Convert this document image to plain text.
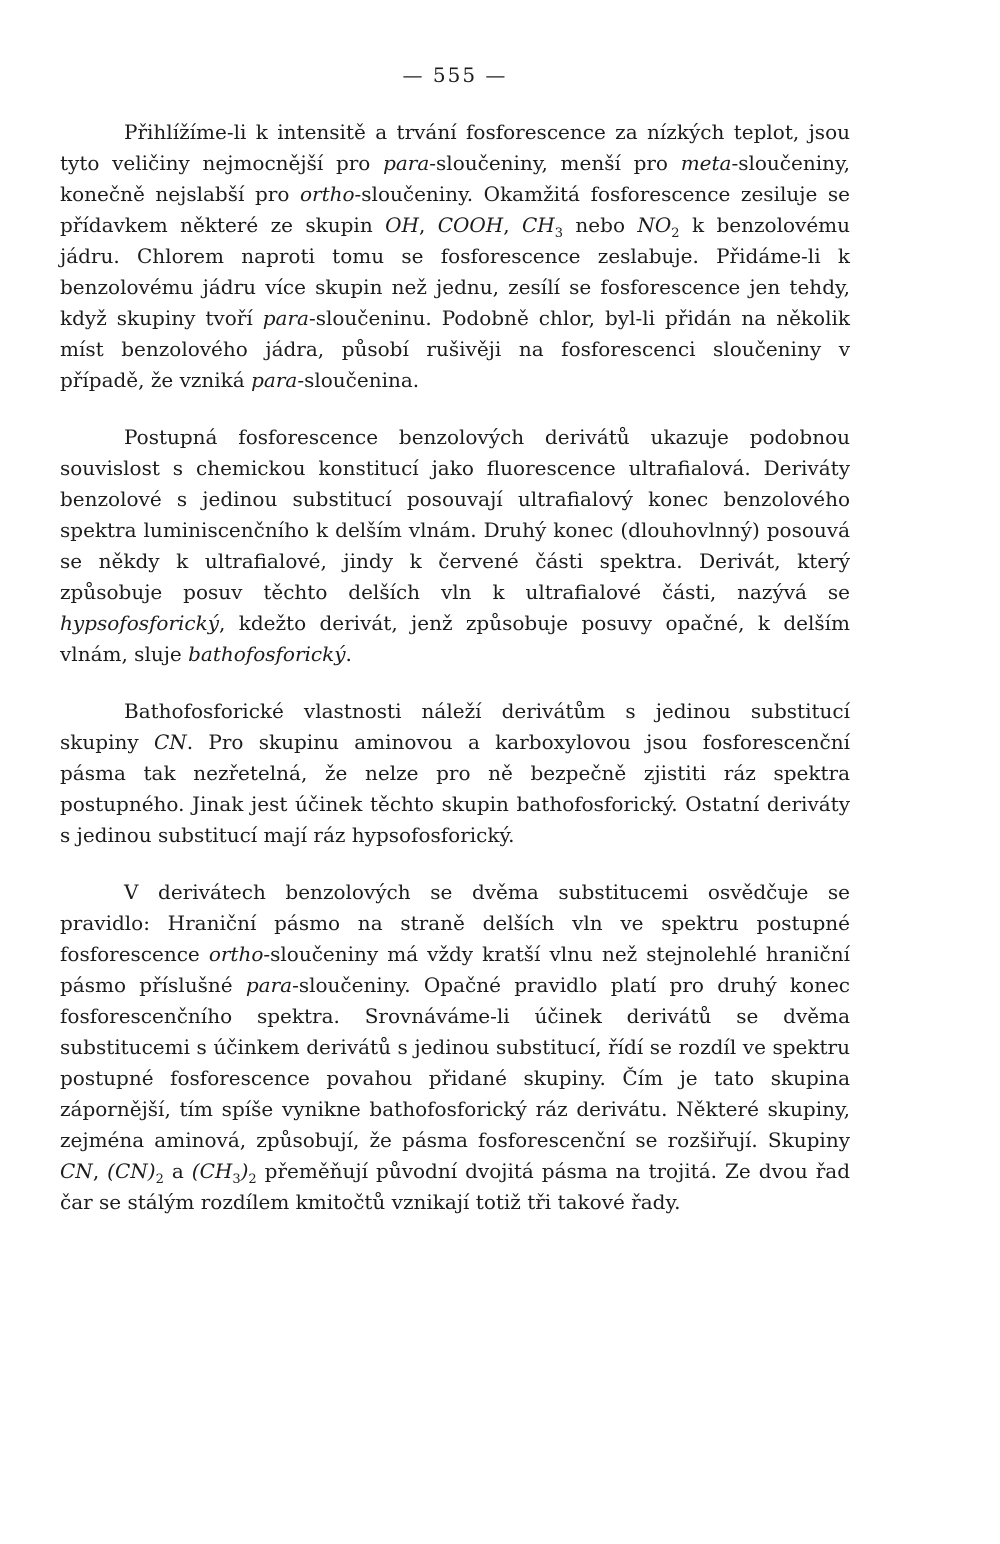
— 555 —

Přihlížíme-li k intensitě a trvání fosforescence za nízkých teplot, jsou tyto veličiny nejmocnější pro para-sloučeniny, menší pro meta-sloučeniny, konečně nejslabší pro ortho-sloučeniny. Okamžitá fosforescence zesiluje se přídavkem některé ze skupin OH, COOH, $CH_3$ nebo $NO_2$ k benzolovému jádru. Chlorem naproti tomu se fosforescence zeslabuje. Přidáme-li k benzolovému jádru více skupin než jednu, zesílí se fosforescence jen tehdy, když skupiny tvoří para-sloučeninu. Podobně chlor, byl-li přidán na několik míst benzolového jádra, působí rušivěji na fosforescenci sloučeniny v případě, že vzniká para-sloučenina.

Postupná fosforescence benzolových derivátů ukazuje podobnou souvislost s chemickou konstitucí jako fluorescence ultrafialová. Deriváty benzolové s jedinou substitucí posouvají ultrafialový konec benzolového spektra luminiscenčního k delším vlnám. Druhý konec (dlouhovlnný) posouvá se někdy k ultrafialové, jindy k červené části spektra. Derivát, který způsobuje posuv těchto delších vln k ultrafialové části, nazývá se hypsofosforický, kdežto derivát, jenž způsobuje posuvy opačné, k delším vlnám, sluje bathofosforický.

Bathofosforické vlastnosti náleží derivátům s jedinou substitucí skupiny CN. Pro skupinu aminovou a karboxylovou jsou fosforescenční pásma tak nezřetelná, že nelze pro ně bezpečně zjistiti ráz spektra postupného. Jinak jest účinek těchto skupin bathofosforický. Ostatní deriváty s jedinou substitucí mají ráz hypsofosforický.

V derivátech benzolových se dvěma substitucemi osvědčuje se pravidlo: Hraniční pásmo na straně delších vln ve spektru postupné fosforescence ortho-sloučeniny má vždy kratší vlnu než stejnolehlé hraniční pásmo příslušné para-sloučeniny. Opačné pravidlo platí pro druhý konec fosforescenčního spektra. Srovnáváme-li účinek derivátů se dvěma substitucemi s účinkem derivátů s jedinou substitucí, řídí se rozdíl ve spektru postupné fosforescence povahou přidané skupiny. Čím je tato skupina zápornější, tím spíše vynikne bathofosforický ráz derivátu. Některé skupiny, zejména aminová, způsobují, že pásma fosforescenční se rozšiřují. Skupiny CN, $(CN)_2$ a $(CH_3)_2$ přeměňují původní dvojitá pásma na trojitá. Ze dvou řad čar se stálým rozdílem kmitočtů vznikají totiž tři takové řady.
